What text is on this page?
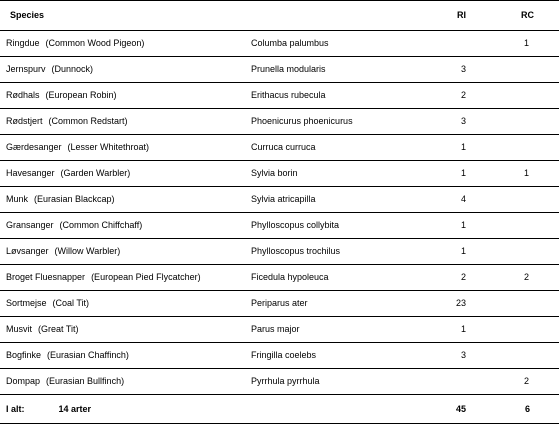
Species		RI	RC
Ringdue (Common Wood Pigeon)	Columba palumbus		1
Jernspurv (Dunnock)	Prunella modularis	3	
Rødhals (European Robin)	Erithacus rubecula	2	
Rødstjert (Common Redstart)	Phoenicurus phoenicurus	3	
Gærdesanger (Lesser Whitethroat)	Curruca curruca	1	
Havesanger (Garden Warbler)	Sylvia borin	1	1
Munk (Eurasian Blackcap)	Sylvia atricapilla	4	
Gransanger (Common Chiffchaff)	Phylloscopus collybita	1	
Løvsanger (Willow Warbler)	Phylloscopus trochilus	1	
Broget Fluesnapper (European Pied Flycatcher)	Ficedula hypoleuca	2	2
Sortmejse (Coal Tit)	Periparus ater	23	
Musvit (Great Tit)	Parus major	1	
Bogfinke (Eurasian Chaffinch)	Fringilla coelebs	3	
Dompap (Eurasian Bullfinch)	Pyrrhula pyrrhula		2
I alt: 14 arter		45	6
